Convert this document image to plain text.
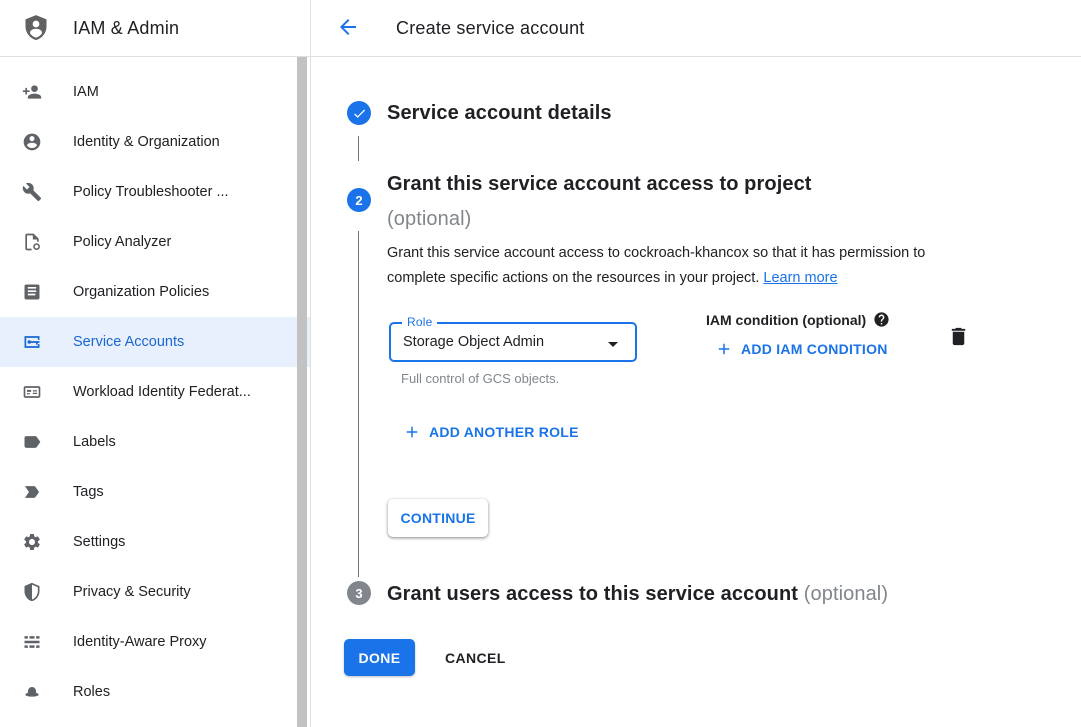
IAM & Admin	Create service account
IAM
Identity & Organization
Policy Troubleshooter ...
Policy Analyzer
Organization Policies
Service Accounts
Workload Identity Federat...
Labels
Tags
Settings
Privacy & Security
Identity-Aware Proxy
Roles
Service account details
2
Grant this service account access to project
(optional)

Grant this service account access to cockroach-khancox so that it has permission to complete specific actions on the resources in your project. Learn more

Role
Storage Object Admin
Full control of GCS objects.
IAM condition (optional)
ADD IAM CONDITION
ADD ANOTHER ROLE
CONTINUE
3 Grant users access to this service account (optional)
DONE	CANCEL
